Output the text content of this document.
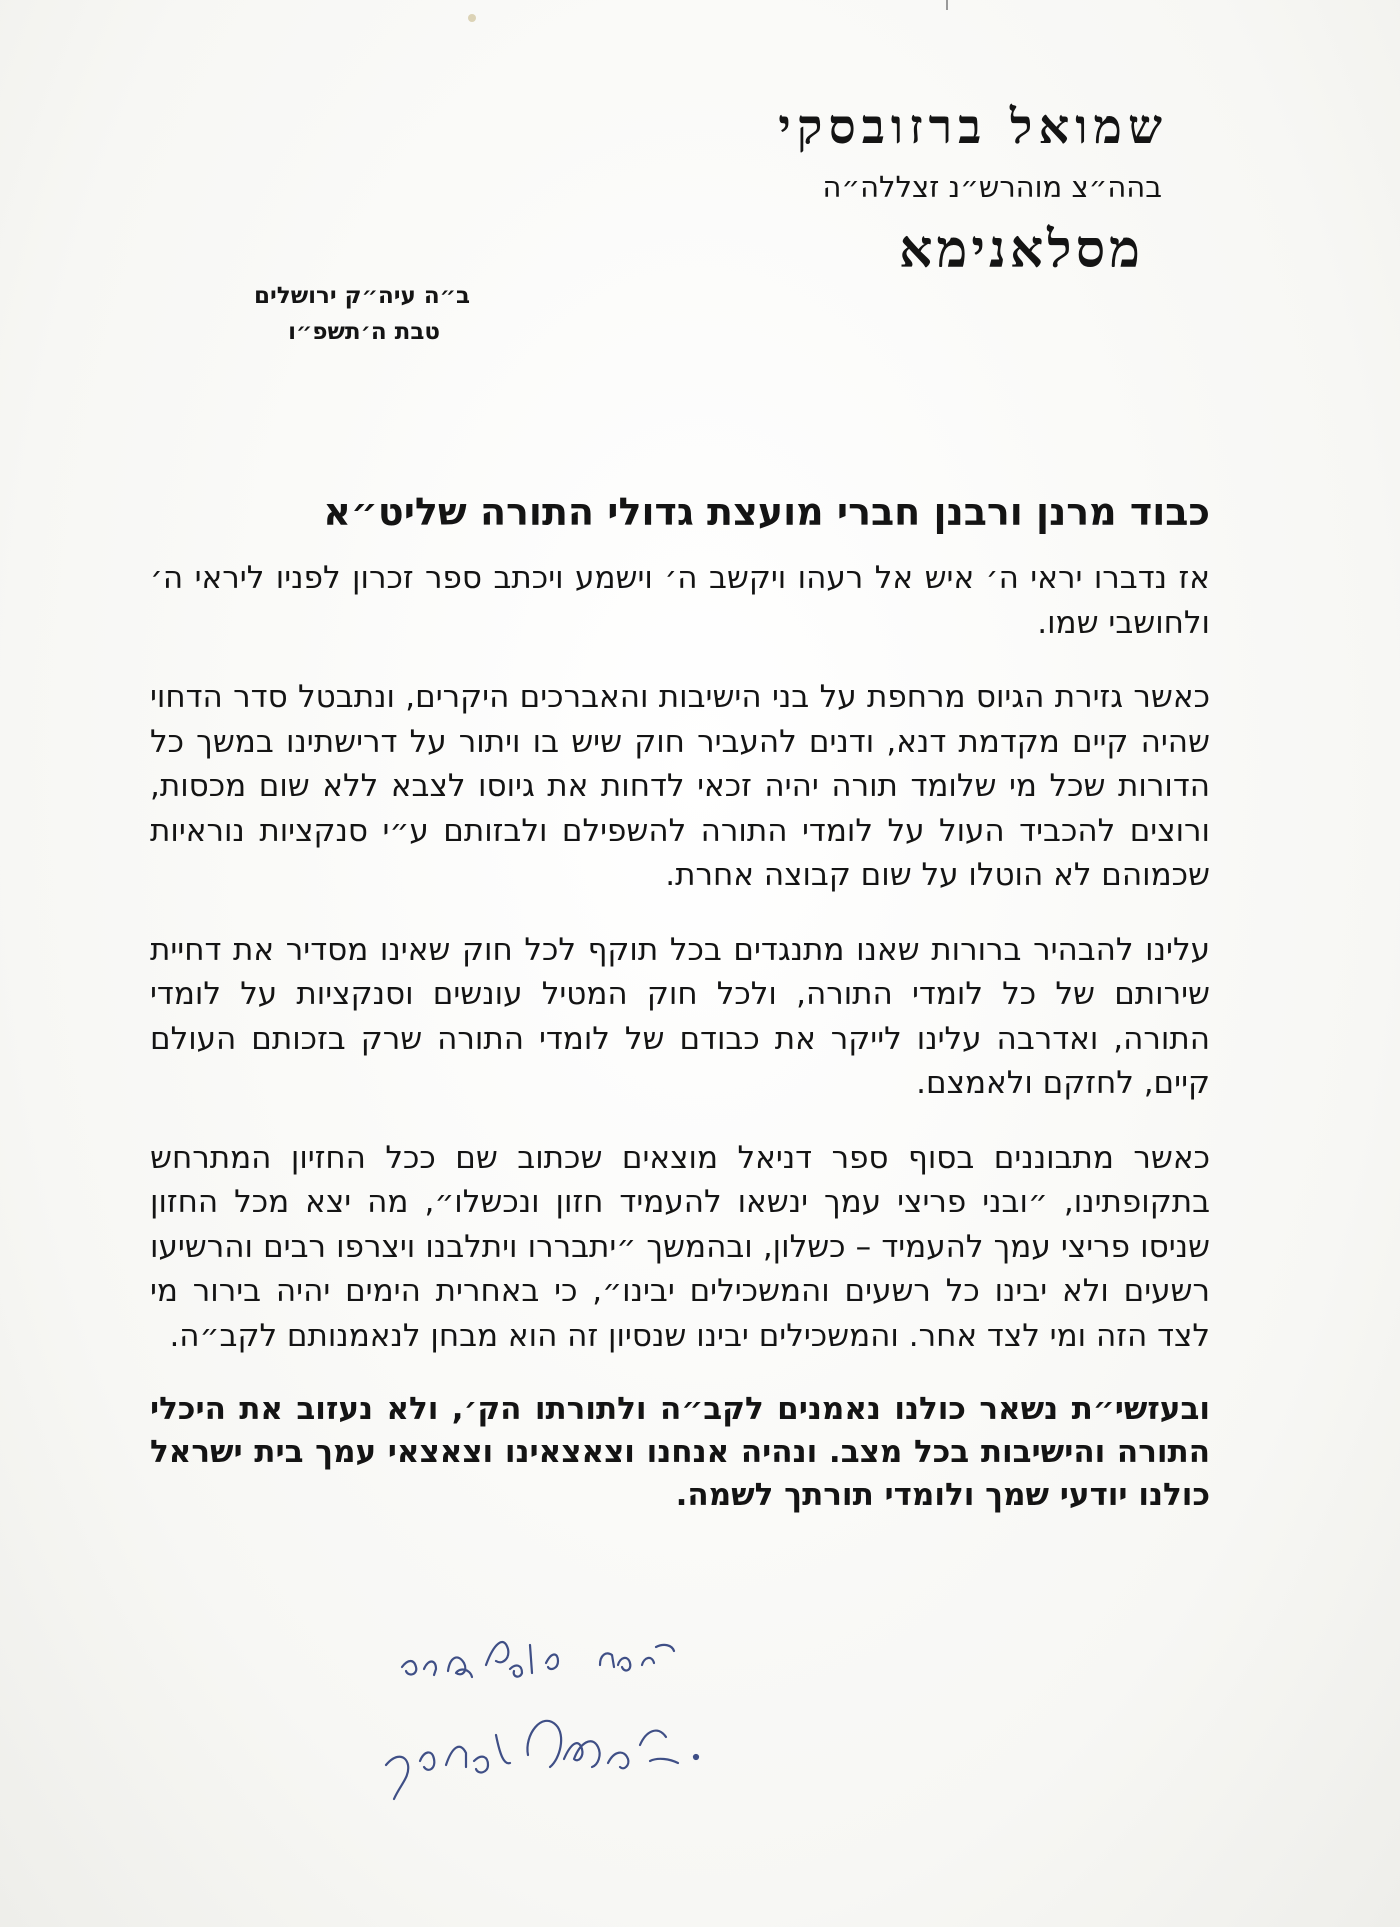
שמואל ברזובסקי

בהה״צ מוהרש״נ זצללה״ה

מסלאנימא

ב״ה עיה״ק ירושלים
טבת ה׳תשפ״ו
כבוד מרנן ורבנן חברי מועצת גדולי התורה שליט״א

אז נדברו יראי ה׳ איש אל רעהו ויקשב ה׳ וישמע ויכתב ספר זכרון לפניו ליראי ה׳ ולחושבי שמו.

כאשר גזירת הגיוס מרחפת על בני הישיבות והאברכים היקרים, ונתבטל סדר הדחוי שהיה קיים מקדמת דנא, ודנים להעביר חוק שיש בו ויתור על דרישתינו במשך כל הדורות שכל מי שלומד תורה יהיה זכאי לדחות את גיוסו לצבא ללא שום מכסות, ורוצים להכביד העול על לומדי התורה להשפילם ולבזותם ע״י סנקציות נוראיות שכמוהם לא הוטלו על שום קבוצה אחרת.

עלינו להבהיר ברורות שאנו מתנגדים בכל תוקף לכל חוק שאינו מסדיר את דחיית שירותם של כל לומדי התורה, ולכל חוק המטיל עונשים וסנקציות על לומדי התורה, ואדרבה עלינו לייקר את כבודם של לומדי התורה שרק בזכותם העולם קיים, לחזקם ולאמצם.

כאשר מתבוננים בסוף ספר דניאל מוצאים שכתוב שם ככל החזיון המתרחש בתקופתינו, ״ובני פריצי עמך ינשאו להעמיד חזון ונכשלו״, מה יצא מכל החזון שניסו פריצי עמך להעמיד – כשלון, ובהמשך ״יתבררו ויתלבנו ויצרפו רבים והרשיעו רשעים ולא יבינו כל רשעים והמשכילים יבינו״, כי באחרית הימים יהיה בירור מי לצד הזה ומי לצד אחר. והמשכילים יבינו שנסיון זה הוא מבחן לנאמנותם לקב״ה.

ובעזשי״ת נשאר כולנו נאמנים לקב״ה ולתורתו הק׳, ולא נעזוב את היכלי התורה והישיבות בכל מצב. ונהיה אנחנו וצאצאינו וצאצאי עמך בית ישראל כולנו יודעי שמך ולומדי תורתך לשמה.
